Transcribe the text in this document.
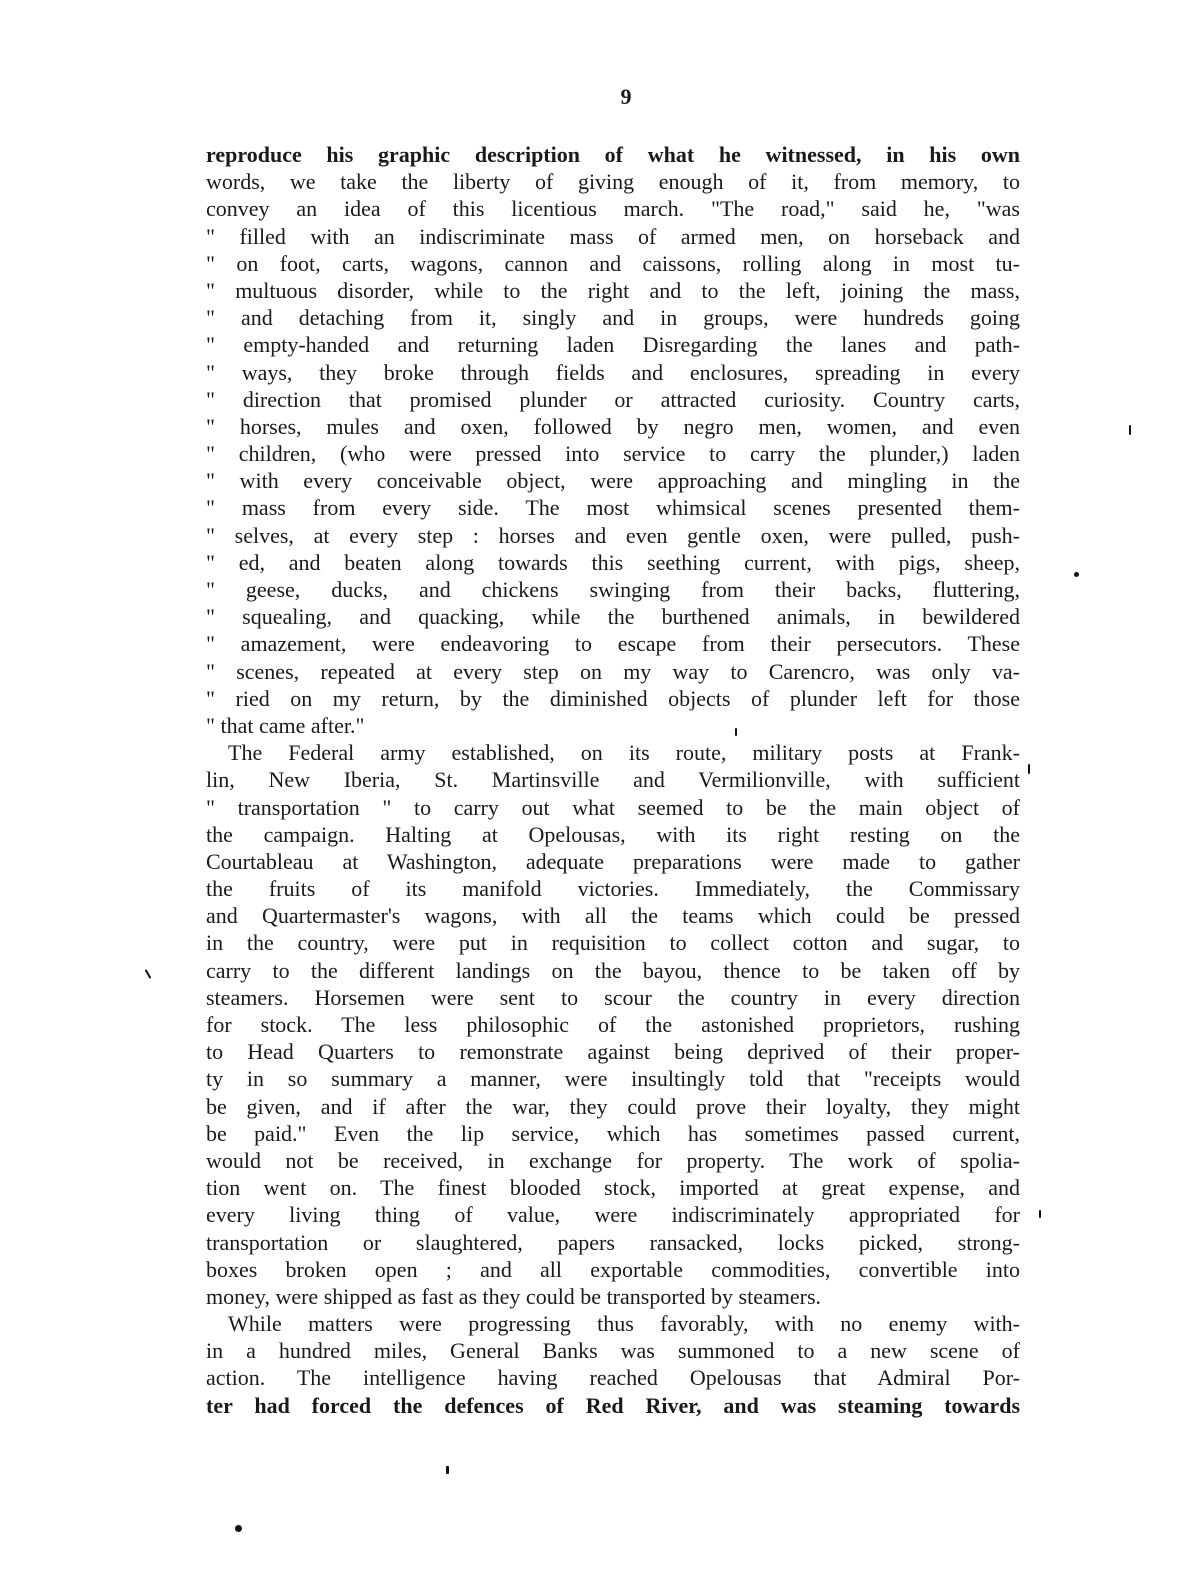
9
reproduce his graphic description of what he witnessed, in his own
words, we take the liberty of giving enough of it, from memory, to
convey an idea of this licentious march. "The road," said he, "was
" filled with an indiscriminate mass of armed men, on horseback and
" on foot, carts, wagons, cannon and caissons, rolling along in most tu-
" multuous disorder, while to the right and to the left, joining the mass,
" and detaching from it, singly and in groups, were hundreds going
" empty-handed and returning laden Disregarding the lanes and path-
" ways, they broke through fields and enclosures, spreading in every
" direction that promised plunder or attracted curiosity. Country carts,
" horses, mules and oxen, followed by negro men, women, and even
" children, (who were pressed into service to carry the plunder,) laden
" with every conceivable object, were approaching and mingling in the
" mass from every side. The most whimsical scenes presented them-
" selves, at every step : horses and even gentle oxen, were pulled, push-
" ed, and beaten along towards this seething current, with pigs, sheep,
" geese, ducks, and chickens swinging from their backs, fluttering,
" squealing, and quacking, while the burthened animals, in bewildered
" amazement, were endeavoring to escape from their persecutors. These
" scenes, repeated at every step on my way to Carencro, was only va-
" ried on my return, by the diminished objects of plunder left for those
" that came after."
The Federal army established, on its route, military posts at Frank-
lin, New Iberia, St. Martinsville and Vermilionville, with sufficient
" transportation " to carry out what seemed to be the main object of
the campaign. Halting at Opelousas, with its right resting on the
Courtableau at Washington, adequate preparations were made to gather
the fruits of its manifold victories. Immediately, the Commissary
and Quartermaster's wagons, with all the teams which could be pressed
in the country, were put in requisition to collect cotton and sugar, to
carry to the different landings on the bayou, thence to be taken off by
steamers. Horsemen were sent to scour the country in every direction
for stock. The less philosophic of the astonished proprietors, rushing
to Head Quarters to remonstrate against being deprived of their proper-
ty in so summary a manner, were insultingly told that "receipts would
be given, and if after the war, they could prove their loyalty, they might
be paid." Even the lip service, which has sometimes passed current,
would not be received, in exchange for property. The work of spolia-
tion went on. The finest blooded stock, imported at great expense, and
every living thing of value, were indiscriminately appropriated for
transportation or slaughtered, papers ransacked, locks picked, strong-
boxes broken open ; and all exportable commodities, convertible into
money, were shipped as fast as they could be transported by steamers.
While matters were progressing thus favorably, with no enemy with-
in a hundred miles, General Banks was summoned to a new scene of
action. The intelligence having reached Opelousas that Admiral Por-
ter had forced the defences of Red River, and was steaming towards
